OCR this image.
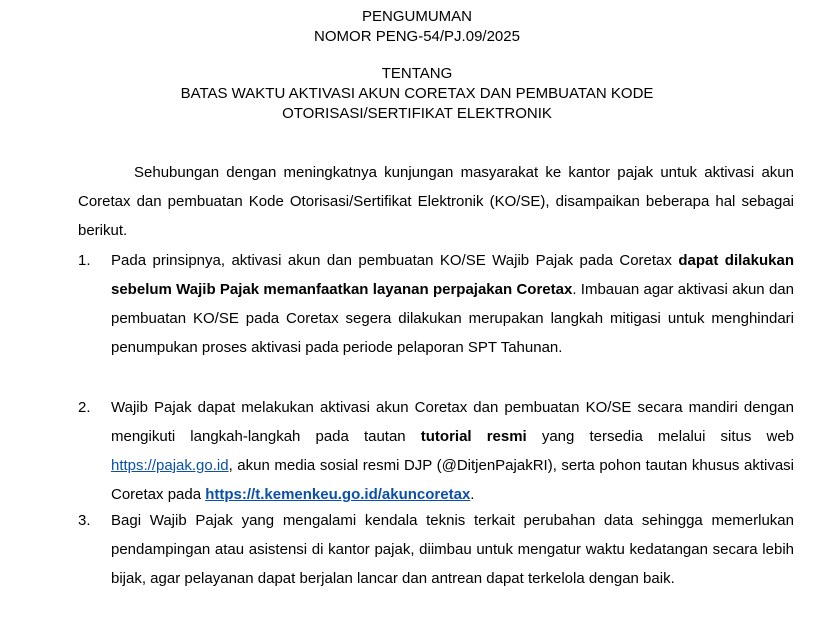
PENGUMUMAN
NOMOR PENG-54/PJ.09/2025
TENTANG
BATAS WAKTU AKTIVASI AKUN CORETAX DAN PEMBUATAN KODE
OTORISASI/SERTIFIKAT ELEKTRONIK

Sehubungan dengan meningkatnya kunjungan masyarakat ke kantor pajak untuk aktivasi akun Coretax dan pembuatan Kode Otorisasi/Sertifikat Elektronik (KO/SE), disampaikan beberapa hal sebagai berikut.

1. Pada prinsipnya, aktivasi akun dan pembuatan KO/SE Wajib Pajak pada Coretax dapat dilakukan sebelum Wajib Pajak memanfaatkan layanan perpajakan Coretax. Imbauan agar aktivasi akun dan pembuatan KO/SE pada Coretax segera dilakukan merupakan langkah mitigasi untuk menghindari penumpukan proses aktivasi pada periode pelaporan SPT Tahunan.

2. Wajib Pajak dapat melakukan aktivasi akun Coretax dan pembuatan KO/SE secara mandiri dengan mengikuti langkah-langkah pada tautan tutorial resmi yang tersedia melalui situs web https://pajak.go.id, akun media sosial resmi DJP (@DitjenPajakRI), serta pohon tautan khusus aktivasi Coretax pada https://t.kemenkeu.go.id/akuncoretax.

3. Bagi Wajib Pajak yang mengalami kendala teknis terkait perubahan data sehingga memerlukan pendampingan atau asistensi di kantor pajak, diimbau untuk mengatur waktu kedatangan secara lebih bijak, agar pelayanan dapat berjalan lancar dan antrean dapat terkelola dengan baik.
